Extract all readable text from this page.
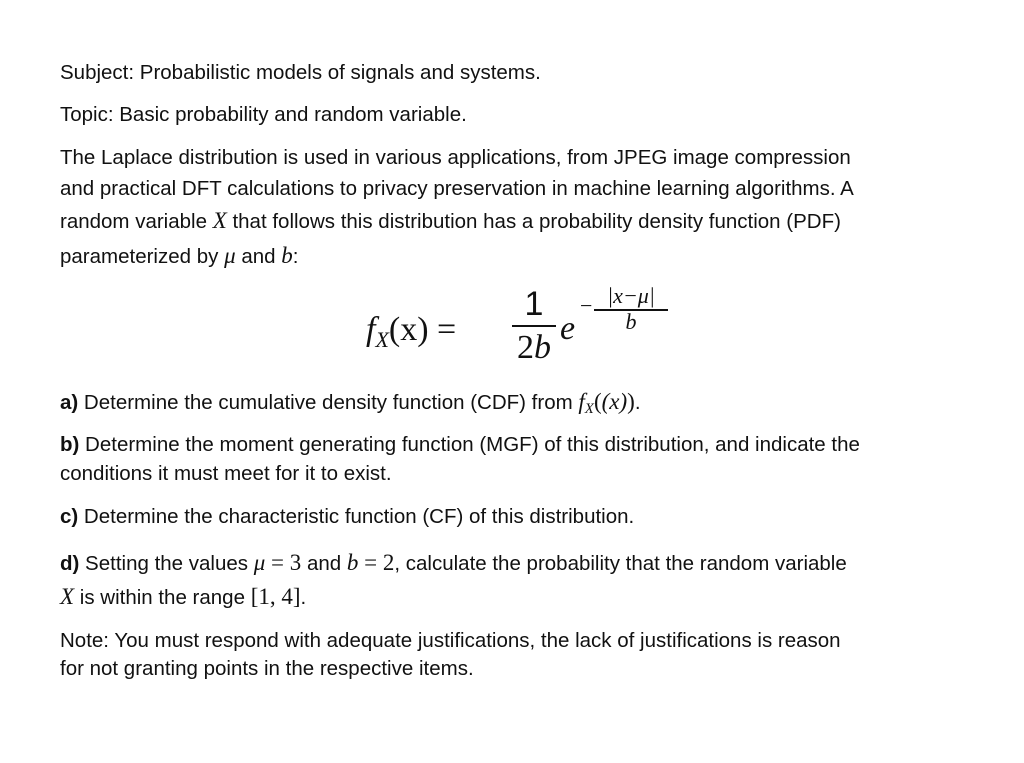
Subject: Probabilistic models of signals and systems.
Topic: Basic probability and random variable.
The Laplace distribution is used in various applications, from JPEG image compression
and practical DFT calculations to privacy preservation in machine learning algorithms. A
random variable X that follows this distribution has a probability density function (PDF)
parameterized by μ and b:
$f_X(x)$ =
1
2b
e
− |x−μ|
b
a) Determine the cumulative density function (CDF) from $f_X((x))$.
b) Determine the moment generating function (MGF) of this distribution, and indicate the
conditions it must meet for it to exist.
c) Determine the characteristic function (CF) of this distribution.
d) Setting the values μ = 3 and b = 2, calculate the probability that the random variable
X is within the range [1, 4].
Note: You must respond with adequate justifications, the lack of justifications is reason
for not granting points in the respective items.
